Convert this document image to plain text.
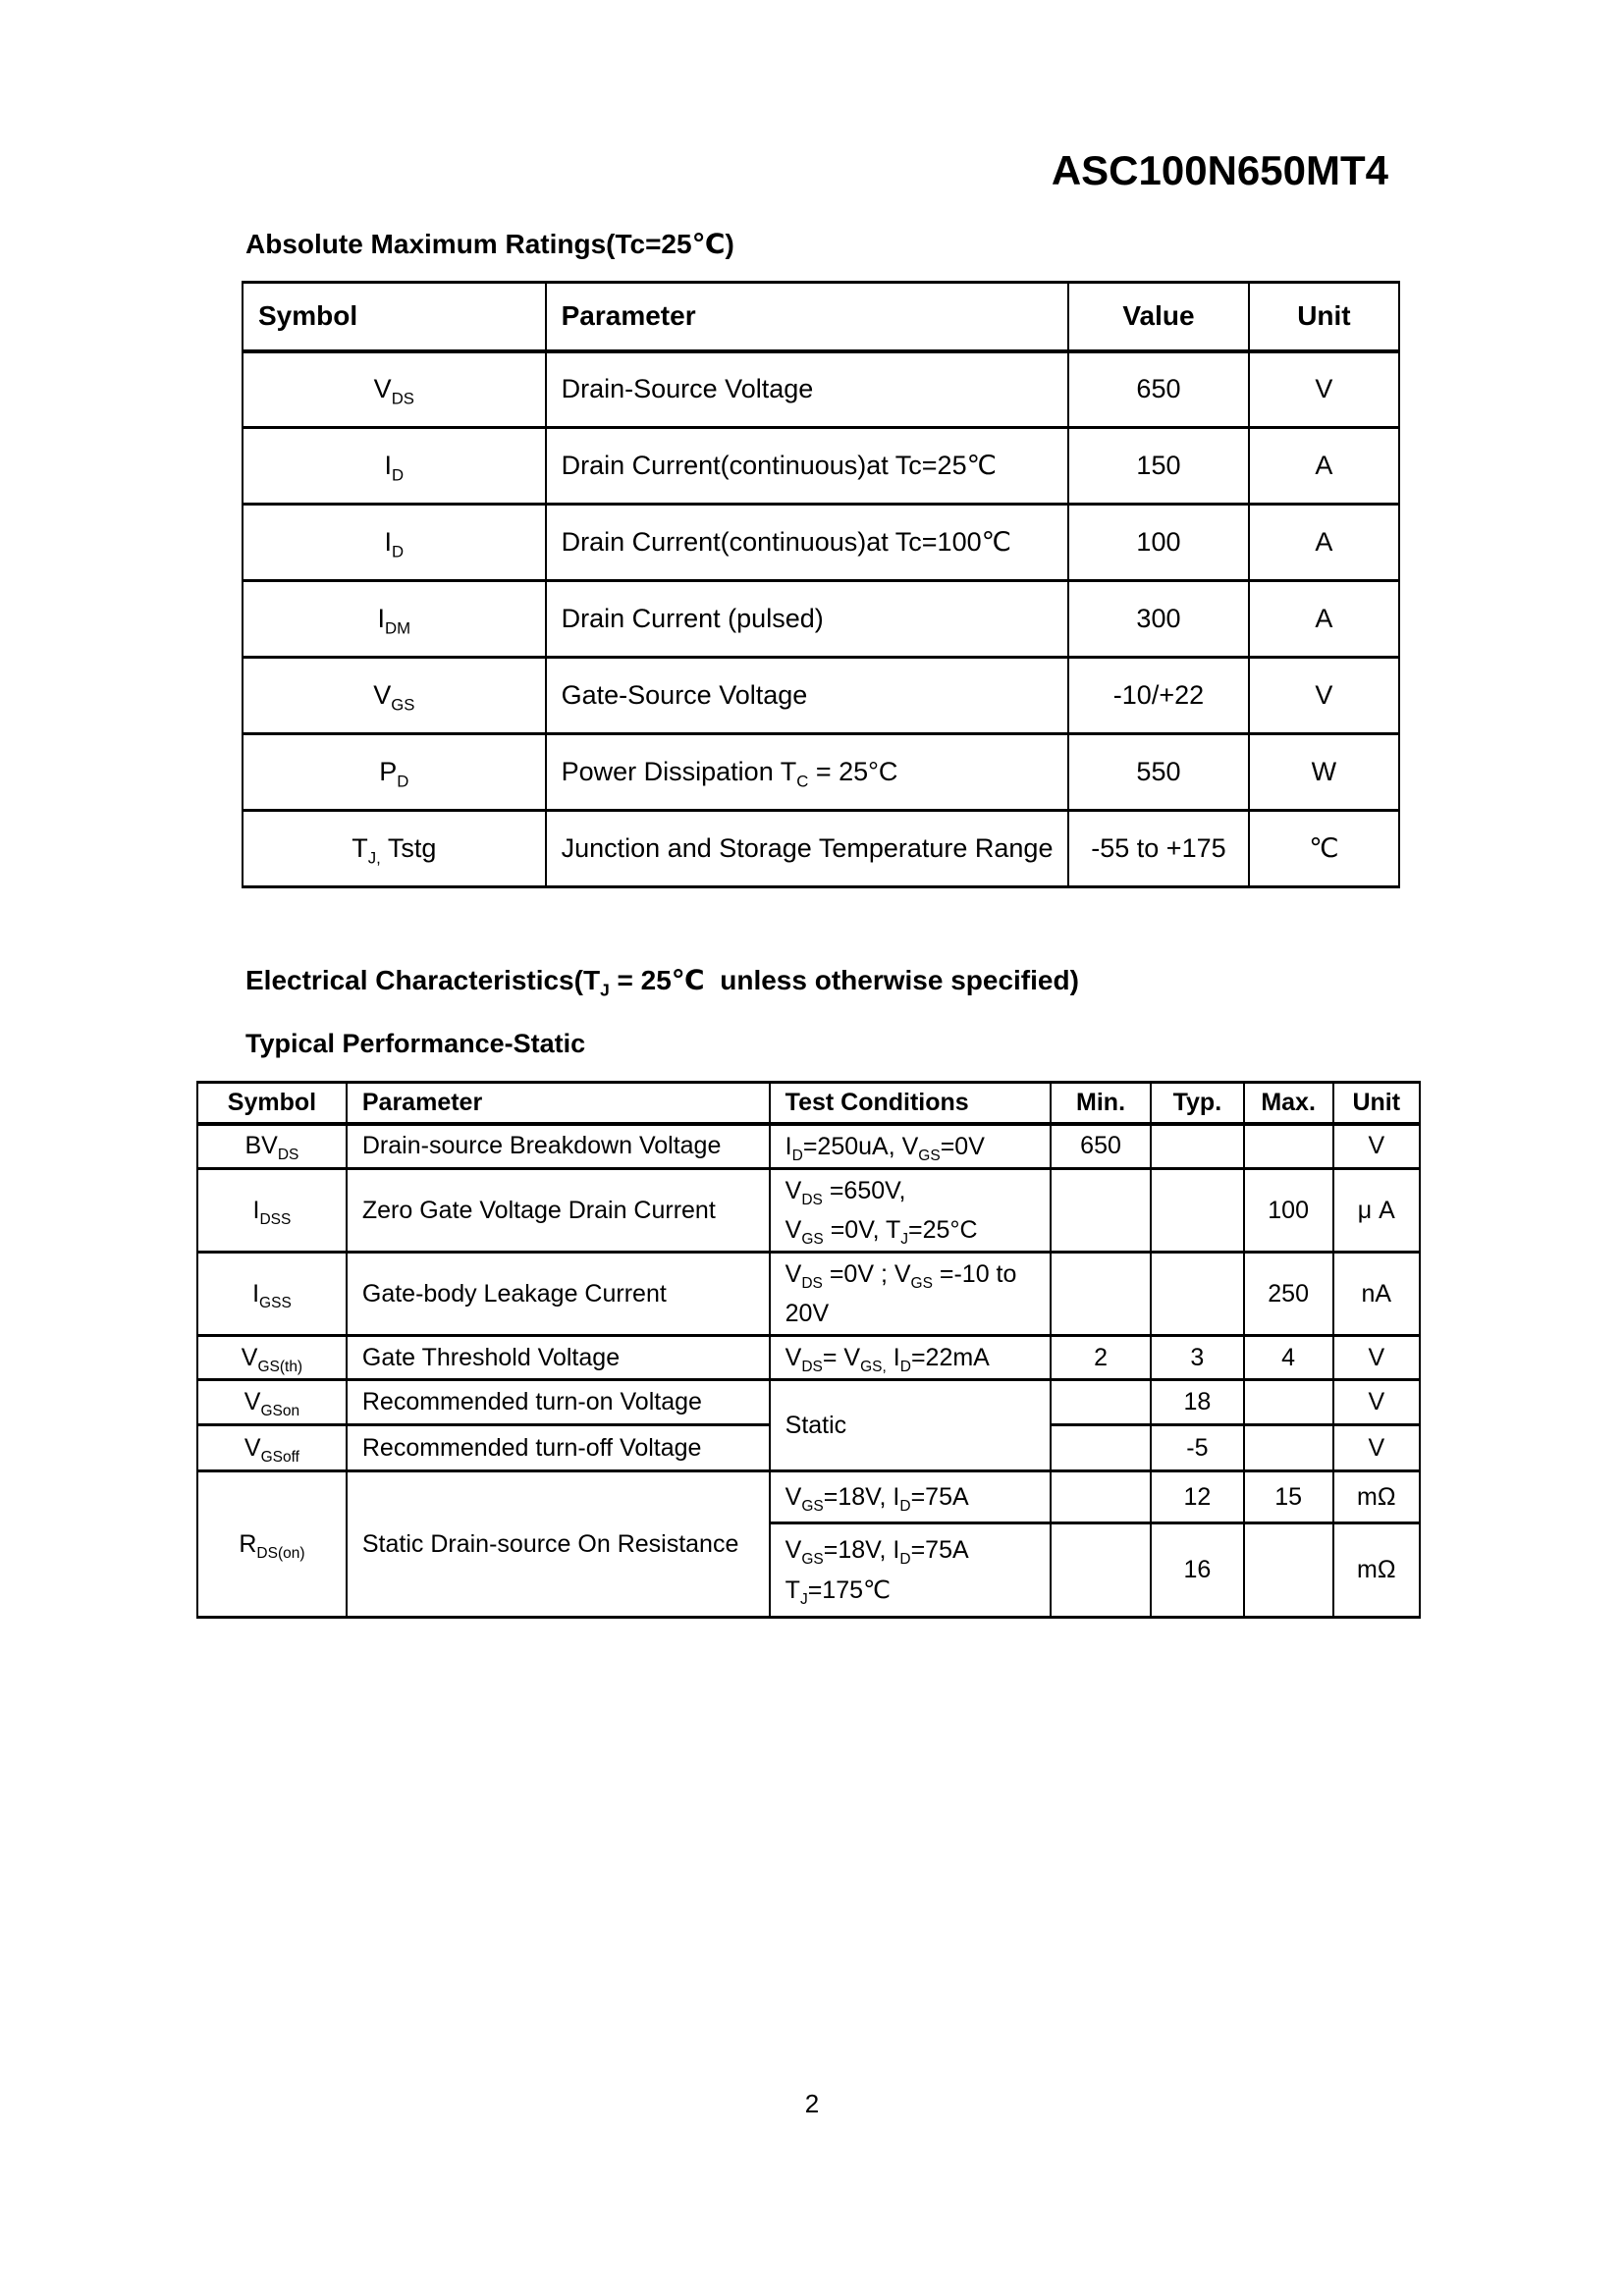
ASC100N650MT4
Absolute Maximum Ratings(Tc=25℃)
Symbol	Parameter	Value	Unit
$V_{DS}$	Drain-Source Voltage	650	V
$I_D$	Drain Current(continuous)at Tc=25℃	150	A
$I_D$	Drain Current(continuous)at Tc=100℃	100	A
$I_{DM}$	Drain Current (pulsed)	300	A
$V_{GS}$	Gate-Source Voltage	-10/+22	V
$P_D$	Power Dissipation $T_C = 25^\circ C$	550	W
$T_{J,}$ Tstg	Junction and Storage Temperature Range	-55 to +175	℃
Electrical $Characteristics(T_J$ = 25℃  unless otherwise specified)
Typical Performance-Static
Symbol	Parameter	Test Conditions	Min.	Typ.	Max.	Unit
$BV_{DS}$	Drain-source Breakdown Voltage	$I_D=250uA$, $V_{GS}=0V$	650			V
$I_{DSS}$	Zero Gate Voltage Drain Current	$V_{DS} =650V$,
$V_{GS} =0V$, $T_J=25^\circ C$			100	μ A
$I_{GSS}$	Gate-body Leakage Current	$V_{DS} =0V$ ; $V_{GS} =-10$ to
20V			250	nA
$V_{GS(th)}$	Gate Threshold Voltage	$V_{DS}= V_{GS,}$ $I_D=22mA$	2	3	4	V
$V_{GSon}$	Recommended turn-on Voltage	Static		18		V
$V_{GSoff}$	Recommended turn-off Voltage			-5		V
$R_{DS(on)}$	Static Drain-source On Resistance	$V_{GS}=18V$, $I_D=75A$		12	15	mΩ
		$V_{GS}=18V$, $I_D=75A$
$T_J=175℃$		16		mΩ
2
